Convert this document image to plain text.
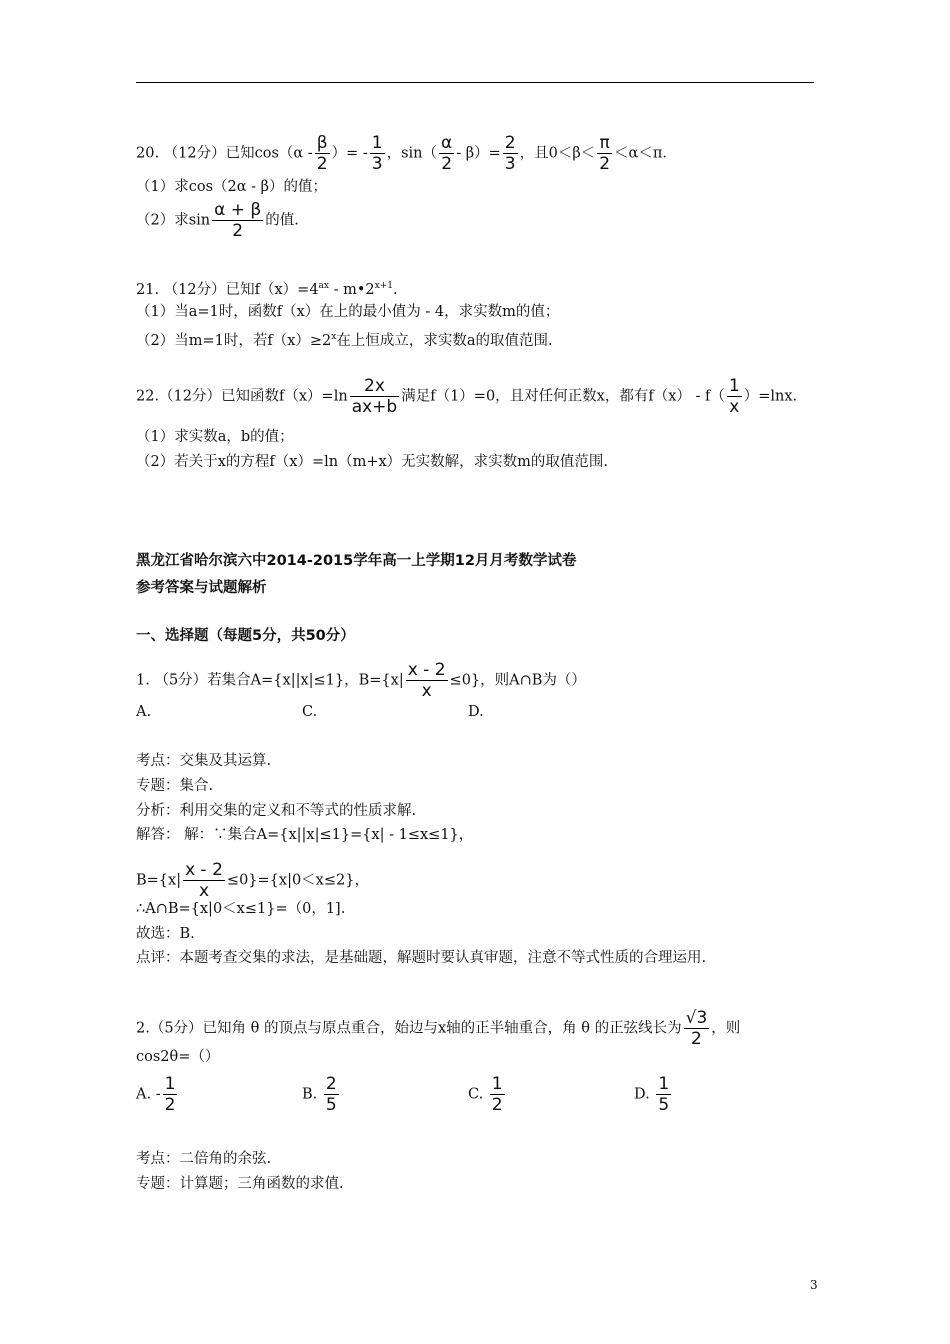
20. （12分）已知$\cos(\alpha - \frac{\beta}{2}$ ）= - $\frac{1}{3}$ ，$\sin( \frac{\alpha}{2} - \beta)= \frac{2}{3}$ ，且$0<\beta< \frac{\pi}{2} <\alpha<\pi$．
（1）求cos（2α - β）的值；
（2）求$\sin \frac{\alpha + \beta}{2}$ 的值.
21. （12分）已知$f(x)=4^{ax}$ - $m•2^{x+1}$.
（1）当a=1时，函数f（x）在上的最小值为 - 4，求实数m的值；
（2）当m=1时，若$f(x)\ge 2^x$在上恒成立，求实数a的取值范围.
22.（12分）已知函数$f(x)=\ln \frac{2x}{ax+b}$ 满足f（1）=0，且对任何正数x，都有$f(x) - f( \frac{1}{x} )=\ln x$.
（1）求实数a，b的值；
（2）若关于x的方程f（x）=ln（m+x）无实数解，求实数m的取值范围.
黑龙江省哈尔滨六中2014-2015学年高一上学期12月月考数学试卷
参考答案与试题解析
一、选择题（每题5分，共50分）
1. （5分）若集合A={x||x|≤1}，$B=\{x| \frac{x - 2}{x} \le 0\}$，则A∩B为（）
A.	C.	D.
考点：交集及其运算.
专题：集合.
分析：利用交集的定义和不等式的性质求解.
解答： 解：∵集合A={x||x|≤1}={x| - 1≤x≤1}，
$B=\{x| \frac{x - 2}{x} \le 0\}=\{x|0<x\le 2\}$，
∴A∩B={x|0＜x≤1}=（0，1].
故选：B.
点评：本题考查交集的求法，是基础题，解题时要认真审题，注意不等式性质的合理运用.
2.（5分）已知角 θ 的顶点与原点重合，始边与x轴的正半轴重合，角 θ 的正弦线长为 $\frac{√3}{2}$ ，则
cos2θ=（）
A. - $\frac{1}{2}$	B. $\frac{2}{5}$	C. $\frac{1}{2}$	D. $\frac{1}{5}$
考点：二倍角的余弦.
专题：计算题；三角函数的求值.
3
